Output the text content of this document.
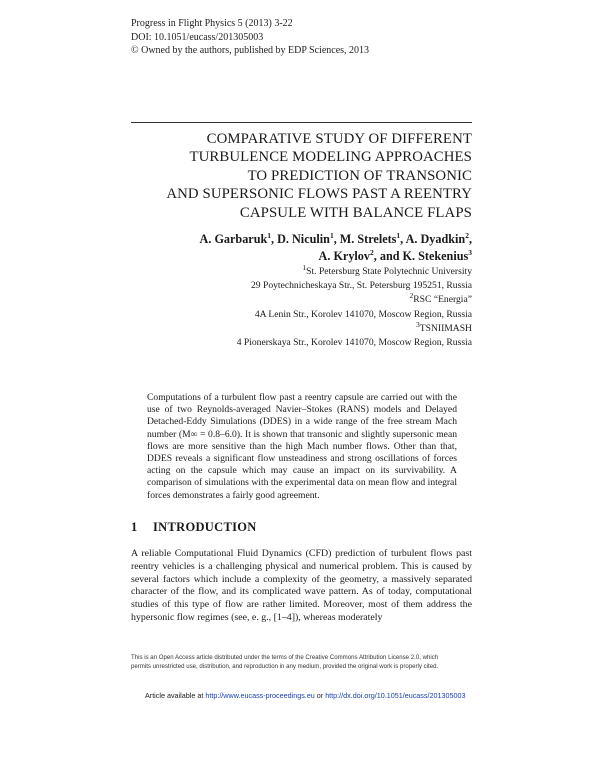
Progress in Flight Physics 5 (2013) 3-22
DOI: 10.1051/eucass/201305003
© Owned by the authors, published by EDP Sciences, 2013
COMPARATIVE STUDY OF DIFFERENT
TURBULENCE MODELING APPROACHES
TO PREDICTION OF TRANSONIC
AND SUPERSONIC FLOWS PAST A REENTRY
CAPSULE WITH BALANCE FLAPS
A. Garbaruk$^1$, D. Niculin$^1$, M. Strelets$^1$, A. Dyadkin$^2$,
A. Krylov$^2$, and K. Stekenius$^3$
$^1$St. Petersburg State Polytechnic University
29 Poytechnicheskaya Str., St. Petersburg 195251, Russia
$^2$RSC “Energia”
4A Lenin Str., Korolev 141070, Moscow Region, Russia
$^3$TSNIIMASH
4 Pionerskaya Str., Korolev 141070, Moscow Region, Russia
Computations of a turbulent flow past a reentry capsule are carried out with the use of two Reynolds-averaged Navier–Stokes (RANS) models and Delayed Detached-Eddy Simulations (DDES) in a wide range of the free stream Mach number (M∞ = 0.8–6.0). It is shown that transonic and slightly supersonic mean flows are more sensitive than the high Mach number flows. Other than that, DDES reveals a significant flow unsteadiness and strong oscillations of forces acting on the capsule which may cause an impact on its survivability. A comparison of simulations with the experimental data on mean flow and integral forces demonstrates a fairly good agreement.
1 INTRODUCTION
A reliable Computational Fluid Dynamics (CFD) prediction of turbulent flows past reentry vehicles is a challenging physical and numerical problem. This is caused by several factors which include a complexity of the geometry, a massively separated character of the flow, and its complicated wave pattern. As of today, computational studies of this type of flow are rather limited. Moreover, most of them address the hypersonic flow regimes (see, e. g., [1–4]), whereas moderately
This is an Open Access article distributed under the terms of the Creative Commons Attribution License 2.0, which
permits unrestricted use, distribution, and reproduction in any medium, provided the original work is properly cited.
Article available at http://www.eucass-proceedings.eu or http://dx.doi.org/10.1051/eucass/201305003
